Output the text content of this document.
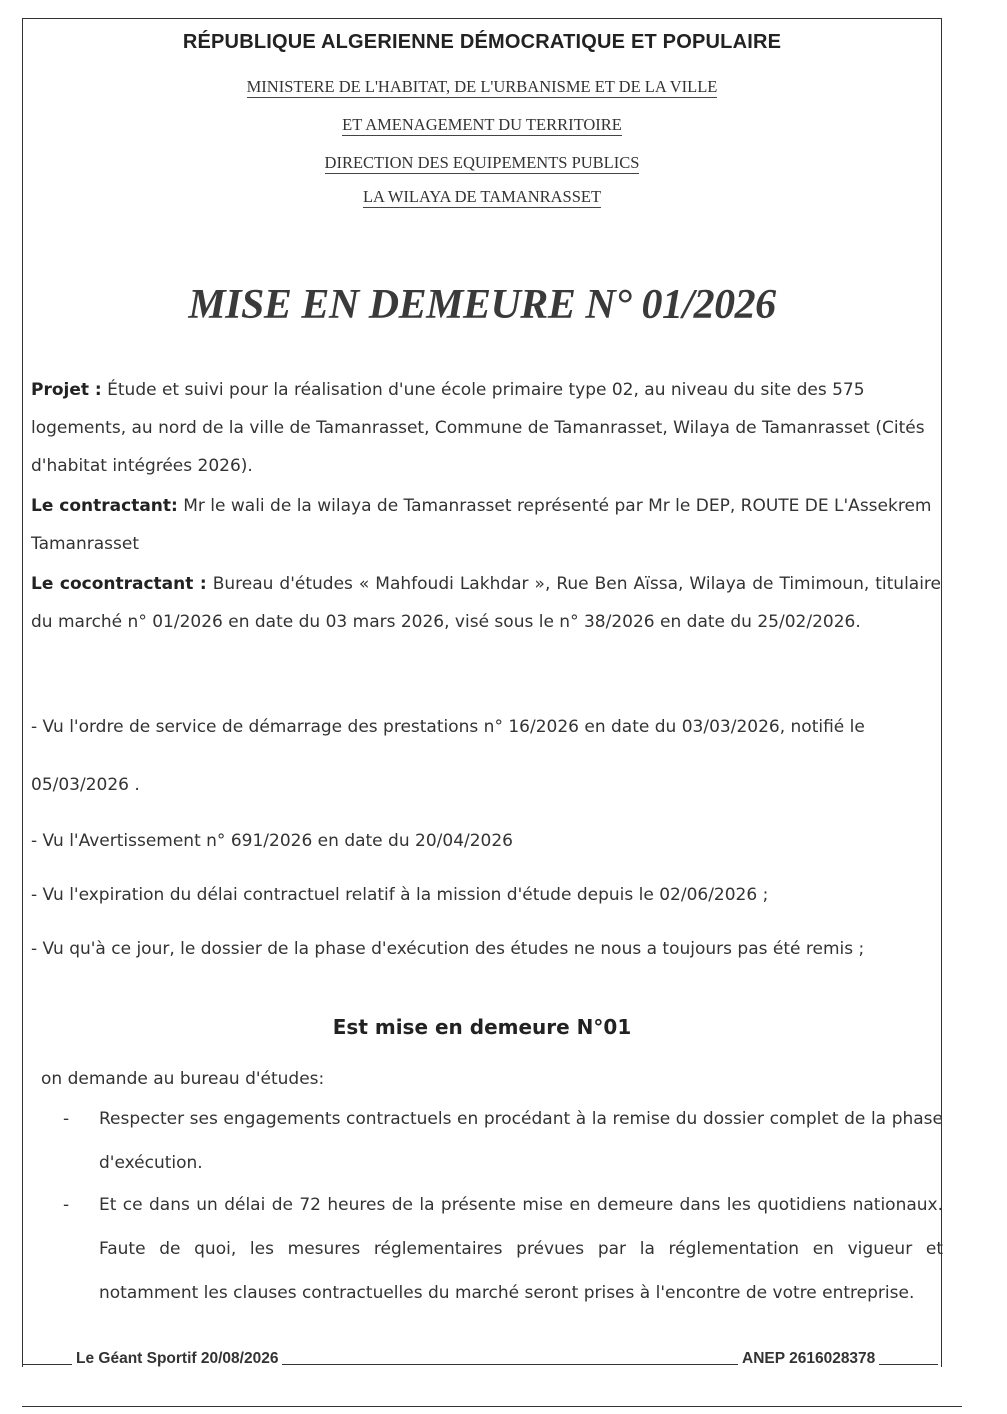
RÉPUBLIQUE ALGERIENNE DÉMOCRATIQUE ET POPULAIRE
MINISTERE DE L'HABITAT, DE L'URBANISME ET DE LA VILLE
ET AMENAGEMENT DU TERRITOIRE
DIRECTION DES EQUIPEMENTS PUBLICS
LA WILAYA DE TAMANRASSET
MISE EN DEMEURE N° 01/2026
Projet : Étude et suivi pour la réalisation d'une école primaire type 02, au niveau du site des 575 logements, au nord de la ville de Tamanrasset, Commune de Tamanrasset, Wilaya de Tamanrasset (Cités d'habitat intégrées 2026).
Le contractant: Mr le wali de la wilaya de Tamanrasset représenté par Mr le DEP, ROUTE DE L'Assekrem Tamanrasset
Le cocontractant : Bureau d'études « Mahfoudi Lakhdar », Rue Ben Aïssa, Wilaya de Timimoun, titulaire du marché n° 01/2026 en date du 03 mars 2026, visé sous le n° 38/2026 en date du 25/02/2026.
- Vu l'ordre de service de démarrage des prestations n° 16/2026 en date du 03/03/2026, notifié le
05/03/2026 .
- Vu l'Avertissement n° 691/2026 en date du 20/04/2026
- Vu l'expiration du délai contractuel relatif à la mission d'étude depuis le 02/06/2026 ;
- Vu qu'à ce jour, le dossier de la phase d'exécution des études ne nous a toujours pas été remis ;
Est mise en demeure N°01
on demande au bureau d'études:
- Respecter ses engagements contractuels en procédant à la remise du dossier complet de la phase d'exécution.
- Et ce dans un délai de 72 heures de la présente mise en demeure dans les quotidiens nationaux. Faute de quoi, les mesures réglementaires prévues par la réglementation en vigueur et notamment les clauses contractuelles du marché seront prises à l'encontre de votre entreprise.
Le Géant Sportif 20/08/2026	ANEP 2616028378
